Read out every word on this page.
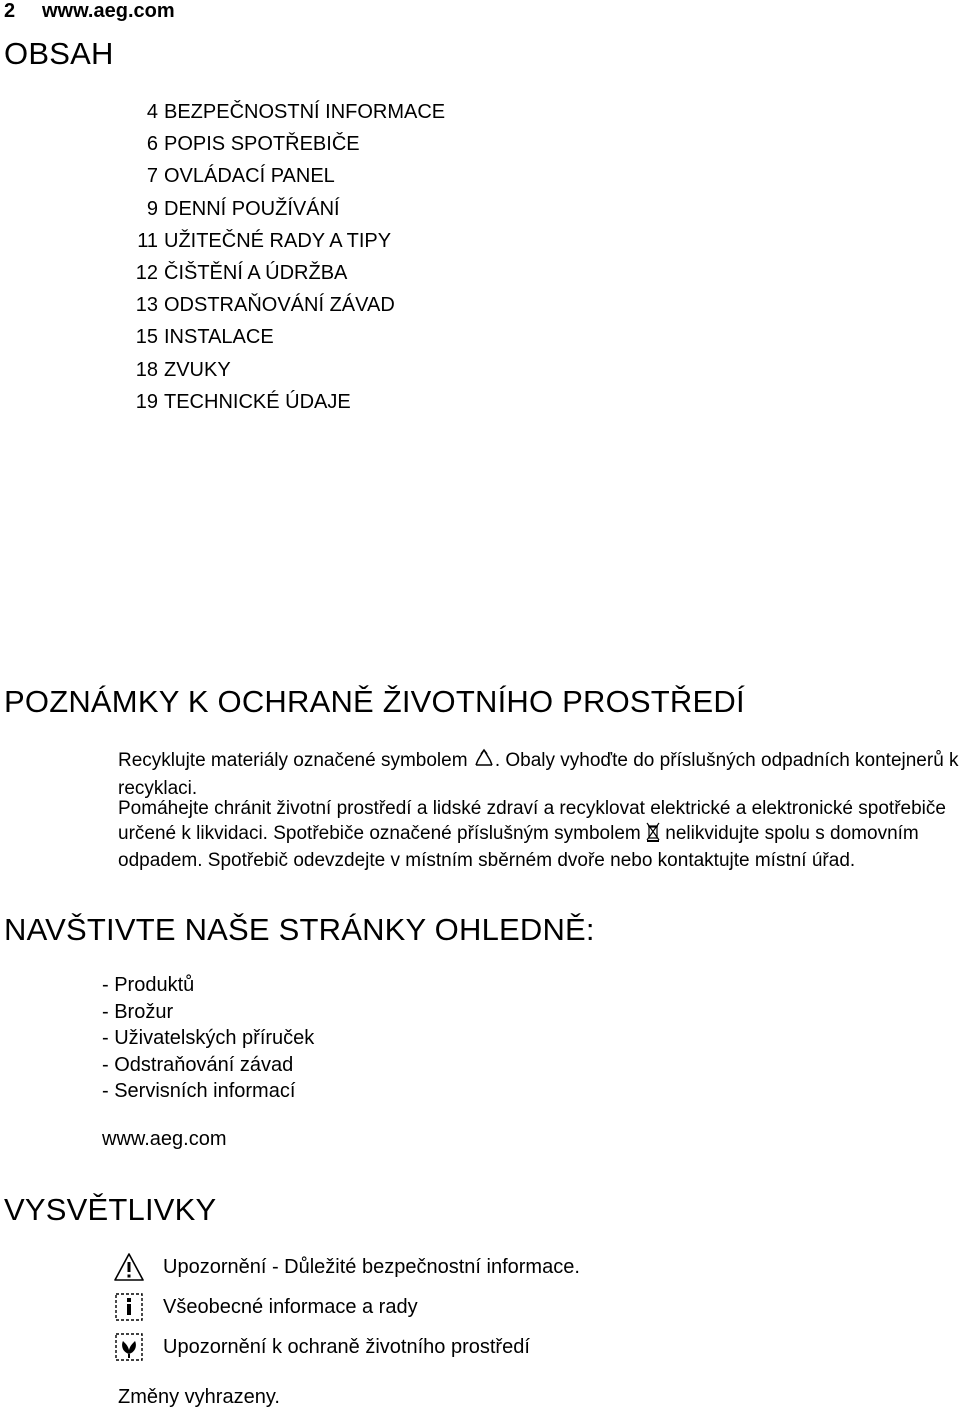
2 www.aeg.com
OBSAH
4 BEZPEČNOSTNÍ INFORMACE
6 POPIS SPOTŘEBIČE
7 OVLÁDACÍ PANEL
9 DENNÍ POUŽÍVÁNÍ
11 UŽITEČNÉ RADY A TIPY
12 ČIŠTĚNÍ A ÚDRŽBA
13 ODSTRAŇOVÁNÍ ZÁVAD
15 INSTALACE
18 ZVUKY
19 TECHNICKÉ ÚDAJE
POZNÁMKY K OCHRANĚ ŽIVOTNÍHO PROSTŘEDÍ
Recyklujte materiály označené symbolem . Obaly vyhoďte do příslušných odpadních kontejnerů k recyklaci.
Pomáhejte chránit životní prostředí a lidské zdraví a recyklovat elektrické a elektronické spotřebiče určené k likvidaci. Spotřebiče označené příslušným symbolem  nelikvidujte spolu s domovním odpadem. Spotřebič odevzdejte v místním sběrném dvoře nebo kontaktujte místní úřad.
NAVŠTIVTE NAŠE STRÁNKY OHLEDNĚ:
- Produktů
- Brožur
- Uživatelských příruček
- Odstraňování závad
- Servisních informací
www.aeg.com
VYSVĚTLIVKY
Upozornění - Důležité bezpečnostní informace.
Všeobecné informace a rady
Upozornění k ochraně životního prostředí
Změny vyhrazeny.
